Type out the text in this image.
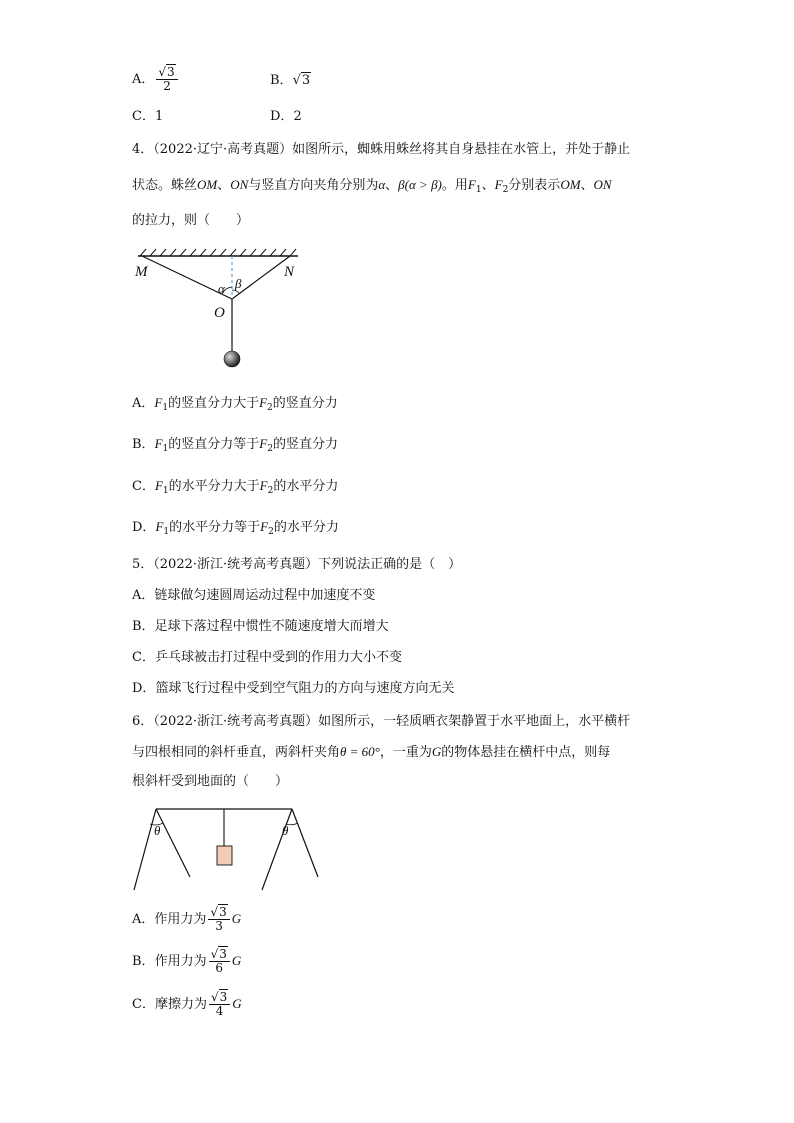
A． $\frac{√3}{2}$	B．√3
C．1	D．2
4．（2022·辽宁·高考真题）如图所示，蜘蛛用蛛丝将其自身悬挂在水管上，并处于静止
状态。蛛丝OM、ON与竖直方向夹角分别为α、β(α > β)。用$F_1$、$F_2$分别表示OM、ON
的拉力，则（　　）
M	N
O
α β
A．$F_1$的竖直分力大于$F_2$的竖直分力
B．$F_1$的竖直分力等于$F_2$的竖直分力
C．$F_1$的水平分力大于$F_2$的水平分力
D．$F_1$的水平分力等于$F_2$的水平分力
5．（2022·浙江·统考高考真题）下列说法正确的是（　）
A．链球做匀速圆周运动过程中加速度不变
B．足球下落过程中惯性不随速度增大而增大
C．乒乓球被击打过程中受到的作用力大小不变
D．篮球飞行过程中受到空气阻力的方向与速度方向无关
6．（2022·浙江·统考高考真题）如图所示，一轻质晒衣架静置于水平地面上，水平横杆
与四根相同的斜杆垂直，两斜杆夹角θ = 60°，一重为G的物体悬挂在横杆中点，则每
根斜杆受到地面的（　　）
θ	θ
A．作用力为 $\frac{√3}{3}$ G
B．作用力为 $\frac{√3}{6}$ G
C．摩擦力为 $\frac{√3}{4}$ G
